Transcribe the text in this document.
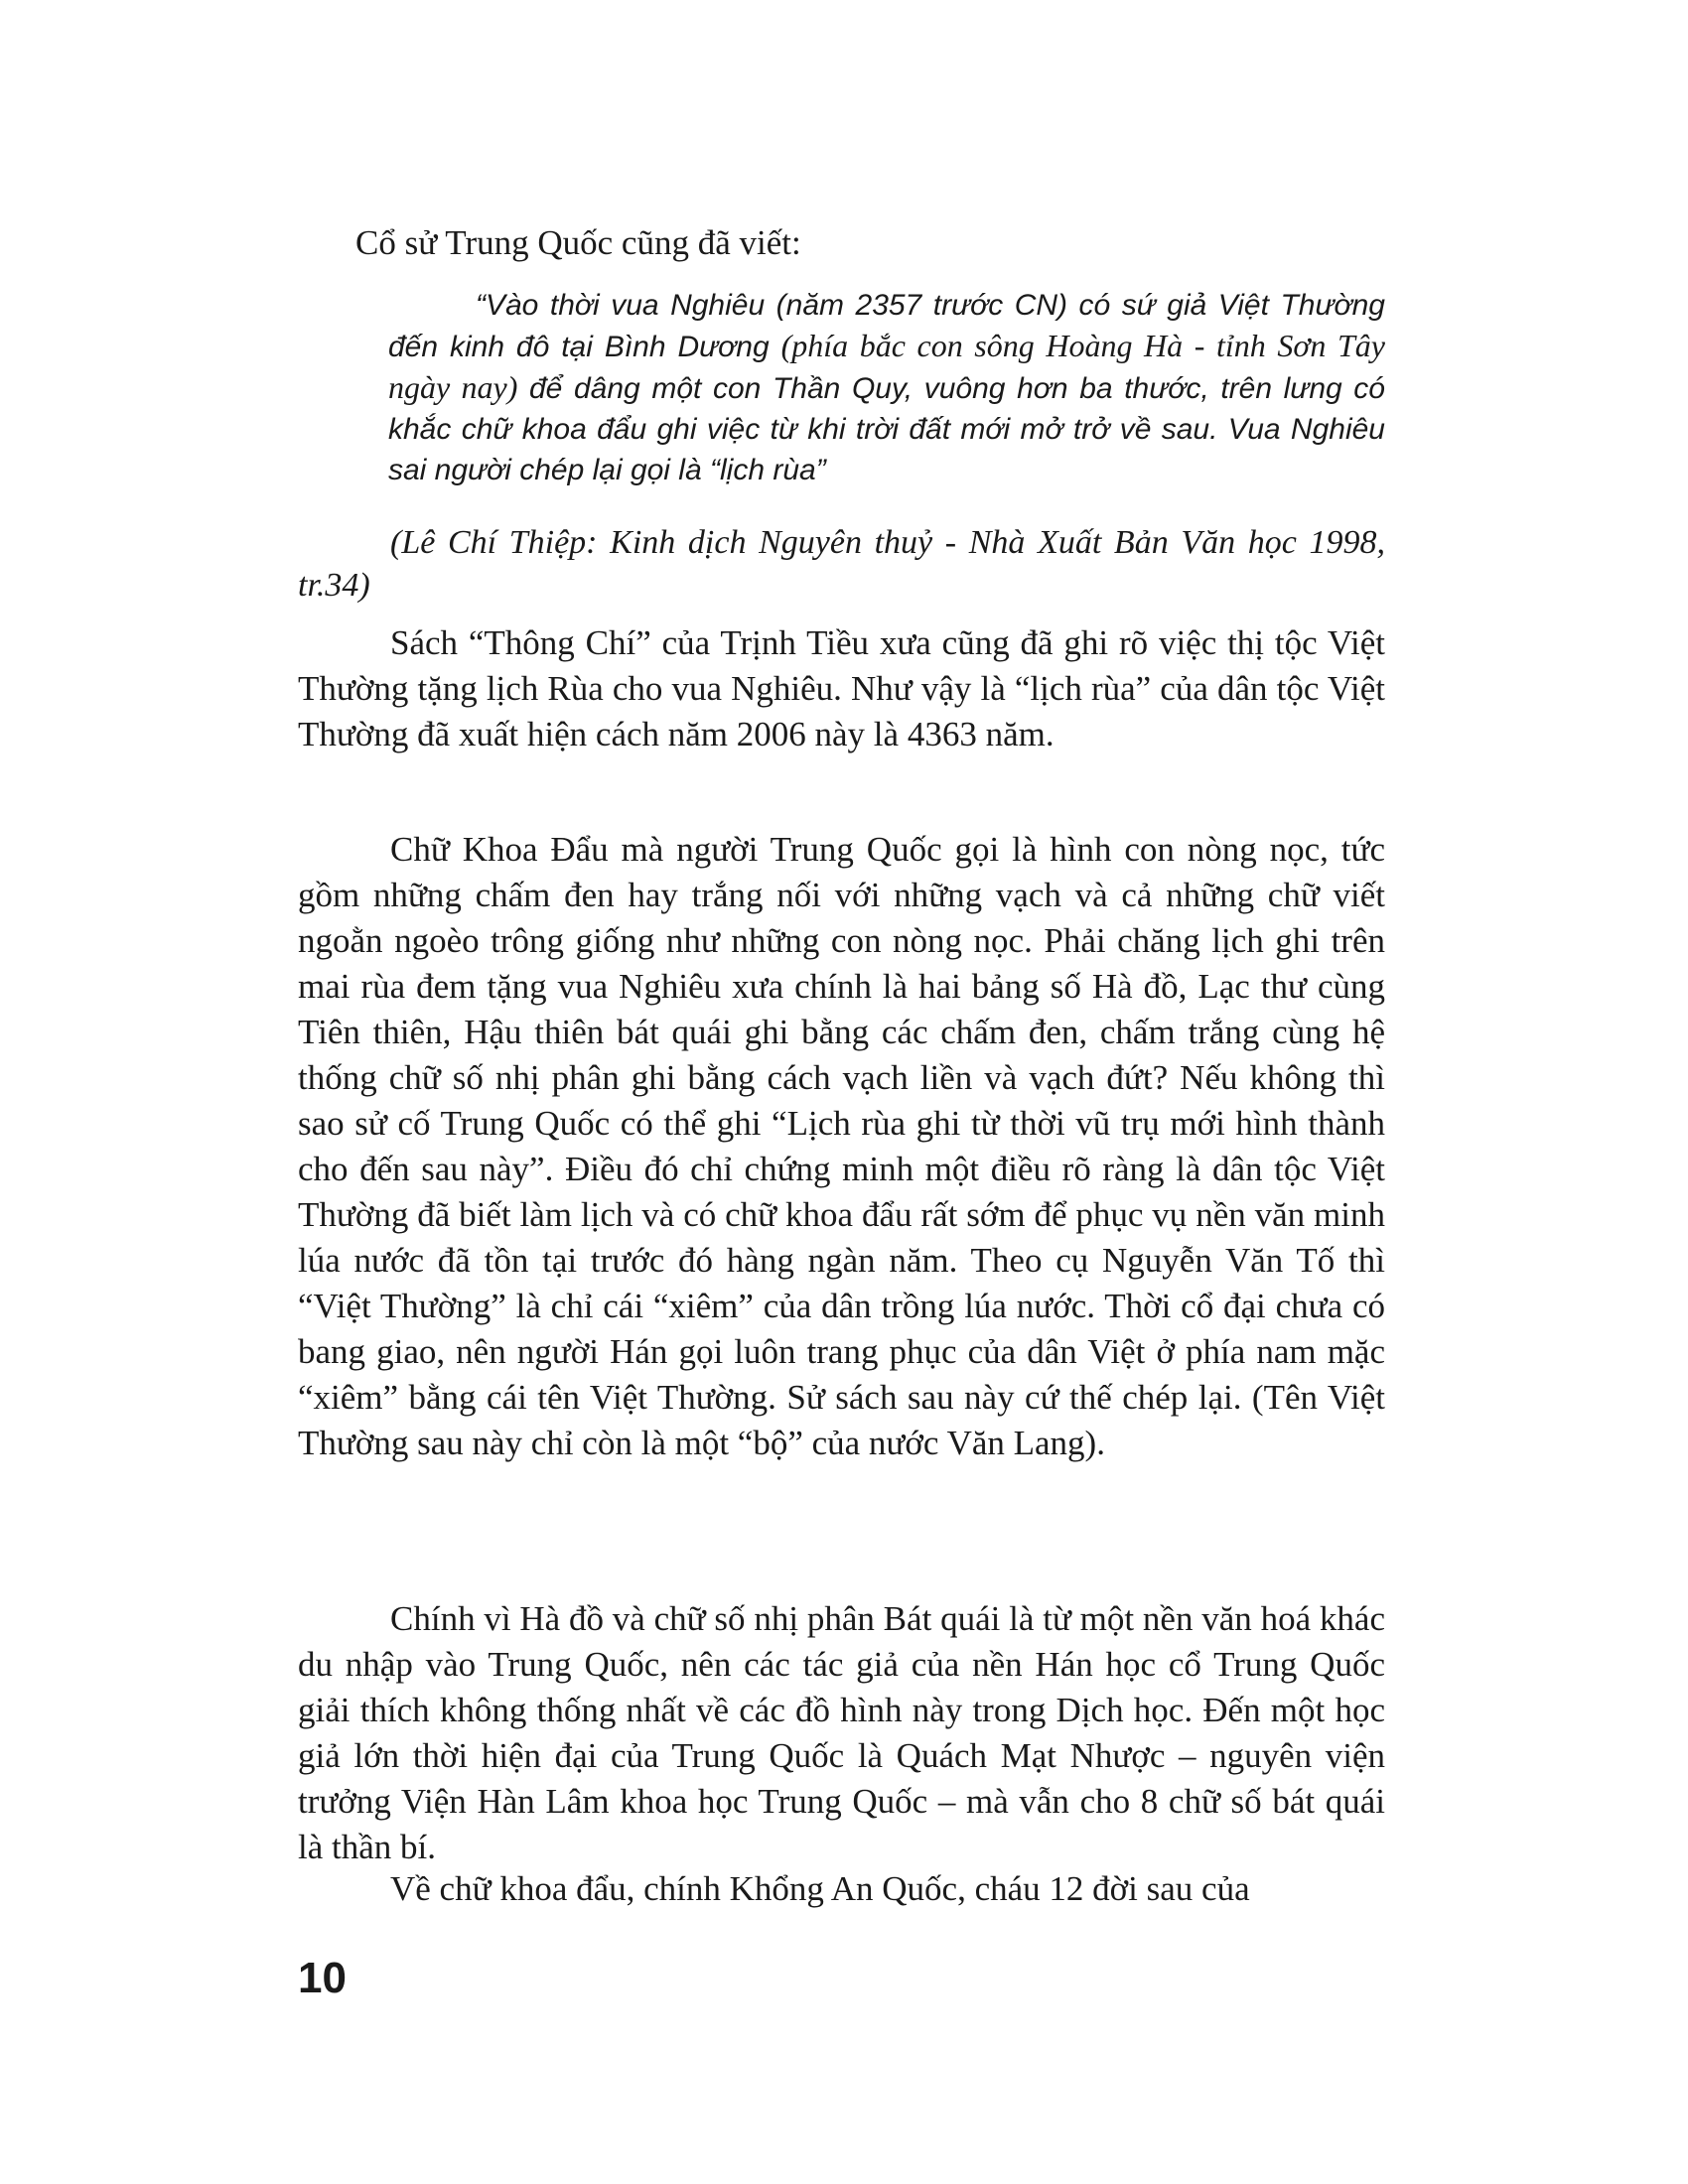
Cổ sử Trung Quốc cũng đã viết:

“Vào thời vua Nghiêu (năm 2357 trước CN) có sứ giả Việt Thường đến kinh đô tại Bình Dương (phía bắc con sông Hoàng Hà - tỉnh Sơn Tây ngày nay) để dâng một con Thần Quy, vuông hơn ba thước, trên lưng có khắc chữ khoa đẩu ghi việc từ khi trời đất mới mở trở về sau. Vua Nghiêu sai người chép lại gọi là “lịch rùa”

(Lê Chí Thiệp: Kinh dịch Nguyên thuỷ - Nhà Xuất Bản Văn học 1998, tr.34)

Sách “Thông Chí” của Trịnh Tiều xưa cũng đã ghi rõ việc thị tộc Việt Thường tặng lịch Rùa cho vua Nghiêu. Như vậy là “lịch rùa” của dân tộc Việt Thường đã xuất hiện cách năm 2006 này là 4363 năm.

Chữ Khoa Đẩu mà người Trung Quốc gọi là hình con nòng nọc, tức gồm những chấm đen hay trắng nối với những vạch và cả những chữ viết ngoằn ngoèo trông giống như những con nòng nọc. Phải chăng lịch ghi trên mai rùa đem tặng vua Nghiêu xưa chính là hai bảng số Hà đồ, Lạc thư cùng Tiên thiên, Hậu thiên bát quái ghi bằng các chấm đen, chấm trắng cùng hệ thống chữ số nhị phân ghi bằng cách vạch liền và vạch đứt? Nếu không thì sao sử cố Trung Quốc có thể ghi “Lịch rùa ghi từ thời vũ trụ mới hình thành cho đến sau này”. Điều đó chỉ chứng minh một điều rõ ràng là dân tộc Việt Thường đã biết làm lịch và có chữ khoa đẩu rất sớm để phục vụ nền văn minh lúa nước đã tồn tại trước đó hàng ngàn năm. Theo cụ Nguyễn Văn Tố thì “Việt Thường” là chỉ cái “xiêm” của dân trồng lúa nước. Thời cổ đại chưa có bang giao, nên người Hán gọi luôn trang phục của dân Việt ở phía nam mặc “xiêm” bằng cái tên Việt Thường. Sử sách sau này cứ thế chép lại. (Tên Việt Thường sau này chỉ còn là một “bộ” của nước Văn Lang).

Chính vì Hà đồ và chữ số nhị phân Bát quái là từ một nền văn hoá khác du nhập vào Trung Quốc, nên các tác giả của nền Hán học cổ Trung Quốc giải thích không thống nhất về các đồ hình này trong Dịch học. Đến một học giả lớn thời hiện đại của Trung Quốc là Quách Mạt Nhược – nguyên viện trưởng Viện Hàn Lâm khoa học Trung Quốc – mà vẫn cho 8 chữ số bát quái là thần bí.

Về chữ khoa đẩu, chính Khổng An Quốc, cháu 12 đời sau của

10
